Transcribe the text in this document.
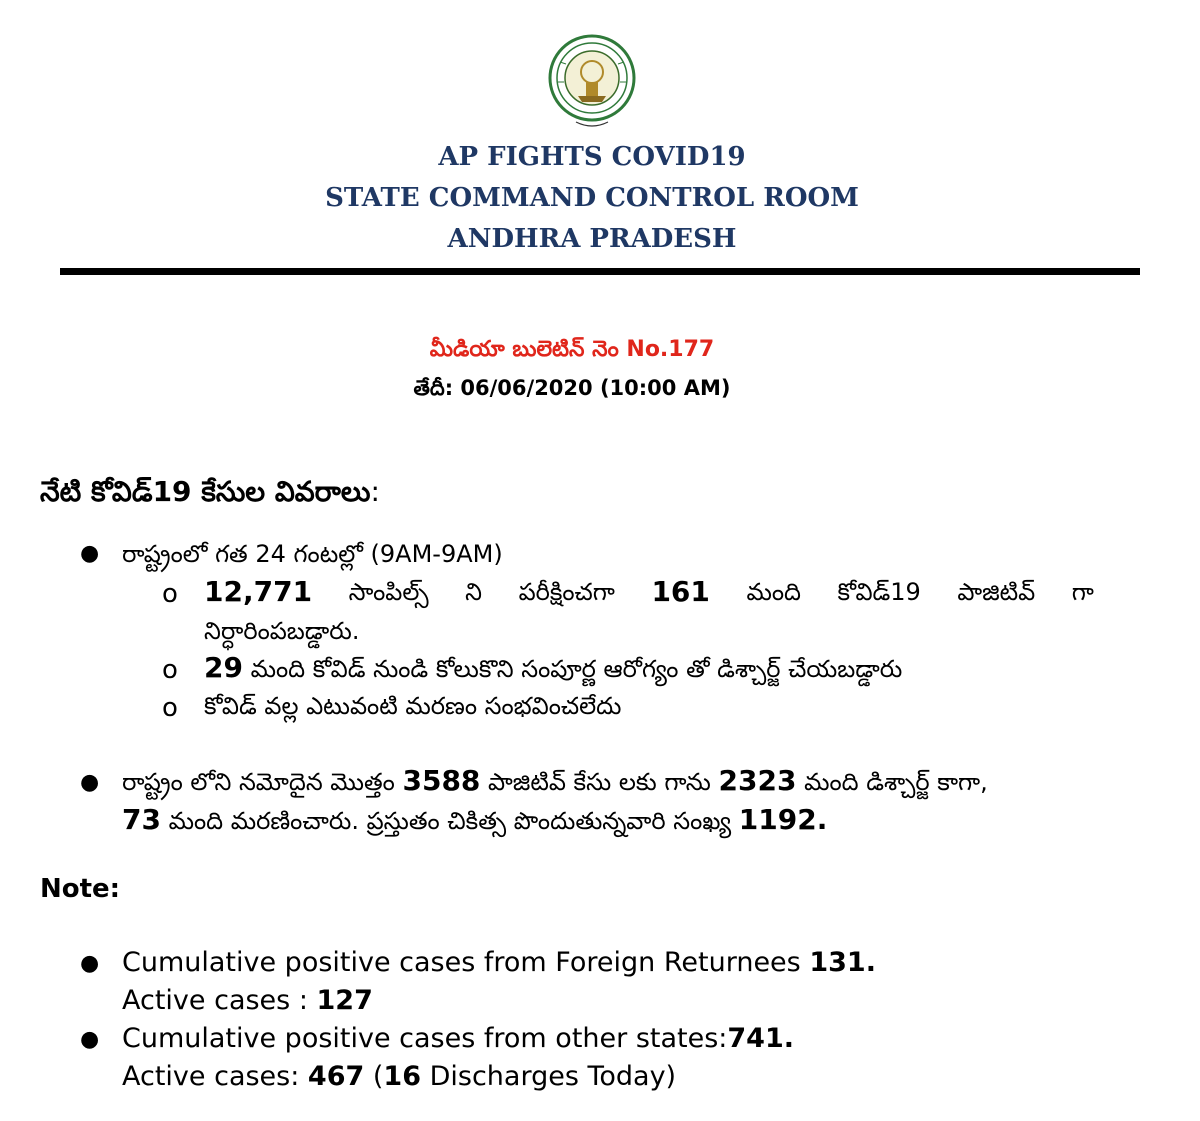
AP FIGHTS COVID19
STATE COMMAND CONTROL ROOM
ANDHRA PRADESH
మీడియా బులెటిన్ నెం No.177
తేదీ: 06/06/2020 (10:00 AM)
నేటి కోవిడ్19 కేసుల వివరాలు:
● రాష్ట్రంలో గత 24 గంటల్లో (9AM-9AM)
o 12,771 సాంపిల్స్ ని పరీక్షించగా 161 మంది కోవిడ్19 పాజిటివ్ గా
నిర్ధారింపబడ్డారు.
o 29 మంది కోవిడ్ నుండి కోలుకొని సంపూర్ణ ఆరోగ్యం తో డిశ్చార్జ్ చేయబడ్డారు
o కోవిడ్ వల్ల ఎటువంటి మరణం సంభవించలేదు
● రాష్ట్రం లోని నమోదైన మొత్తం 3588 పాజిటివ్ కేసు లకు గాను 2323 మంది డిశ్చార్జ్ కాగా,
73 మంది మరణించారు. ప్రస్తుతం చికిత్స పొందుతున్నవారి సంఖ్య 1192.
Note:
● Cumulative positive cases from Foreign Returnees 131.
Active cases : 127
● Cumulative positive cases from other states:741.
Active cases: 467 (16 Discharges Today)
